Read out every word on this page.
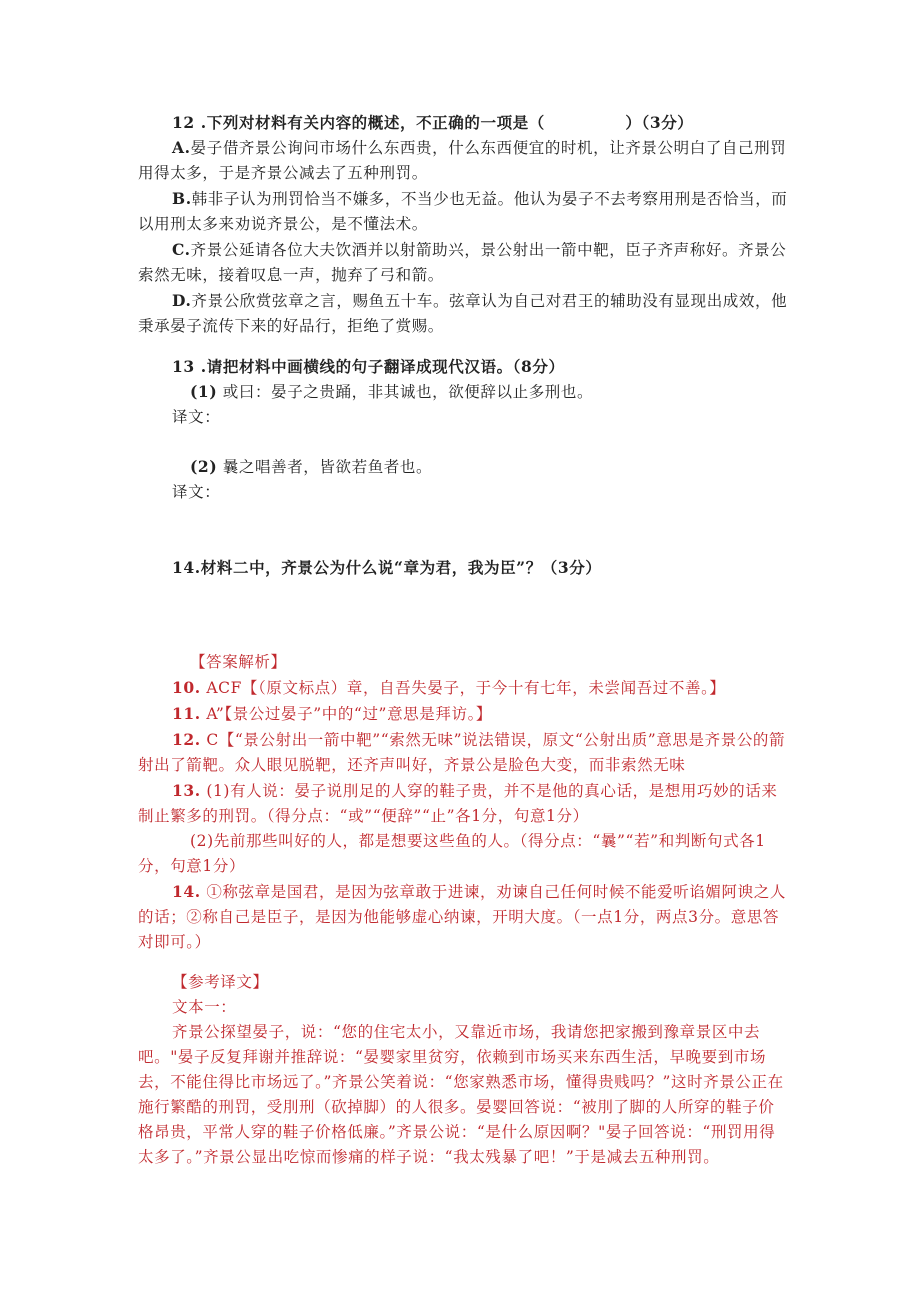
12 .下列对材料有关内容的概述，不正确的一项是（　　　　　）（3分）

A.晏子借齐景公询问市场什么东西贵，什么东西便宜的时机，让齐景公明白了自己刑罚用得太多，于是齐景公减去了五种刑罚。

B.韩非子认为刑罚恰当不嫌多，不当少也无益。他认为晏子不去考察用刑是否恰当，而以用刑太多来劝说齐景公，是不懂法术。

C.齐景公延请各位大夫饮酒并以射箭助兴，景公射出一箭中靶，臣子齐声称好。齐景公索然无味，接着叹息一声，抛弃了弓和箭。

D.齐景公欣赏弦章之言，赐鱼五十车。弦章认为自己对君王的辅助没有显现出成效，他秉承晏子流传下来的好品行，拒绝了赏赐。

13 .请把材料中画横线的句子翻译成现代汉语。（8分）

(1) 或曰：晏子之贵踊，非其诚也，欲便辞以止多刑也。

译文：

(2) 曩之唱善者，皆欲若鱼者也。

译文：

14.材料二中，齐景公为什么说“章为君，我为臣”？（3分）

【答案解析】

10. ACF【（原文标点）章，自吾失晏子，于今十有七年，未尝闻吾过不善。】

11. A”【景公过晏子”中的“过”意思是拜访。】

12. C【“景公射出一箭中靶”“索然无味”说法错误，原文“公射出质”意思是齐景公的箭射出了箭靶。众人眼见脱靶，还齐声叫好，齐景公是脸色大变，而非索然无味

13. (1)有人说：晏子说刖足的人穿的鞋子贵，并不是他的真心话，是想用巧妙的话来制止繁多的刑罚。（得分点：“或”“便辞”“止”各1分，句意1分）

(2)先前那些叫好的人，都是想要这些鱼的人。（得分点：“曩”“若”和判断句式各1分，句意1分）

14. ①称弦章是国君，是因为弦章敢于进谏，劝谏自己任何时候不能爱听谄媚阿谀之人的话；②称自己是臣子，是因为他能够虚心纳谏，开明大度。（一点1分，两点3分。意思答对即可。）

【参考译文】

文本一：

齐景公探望晏子，说：“您的住宅太小，又靠近市场，我请您把家搬到豫章景区中去吧。"晏子反复拜谢并推辞说：“晏婴家里贫穷，依赖到市场买来东西生活，早晚要到市场去，不能住得比市场远了。”齐景公笑着说：“您家熟悉市场，懂得贵贱吗？”这时齐景公正在施行繁酷的刑罚，受刖刑（砍掉脚）的人很多。晏婴回答说：“被刖了脚的人所穿的鞋子价格昂贵，平常人穿的鞋子价格低廉。”齐景公说：“是什么原因啊？"晏子回答说：“刑罚用得太多了。”齐景公显出吃惊而惨痛的样子说：“我太残暴了吧！”于是减去五种刑罚。
